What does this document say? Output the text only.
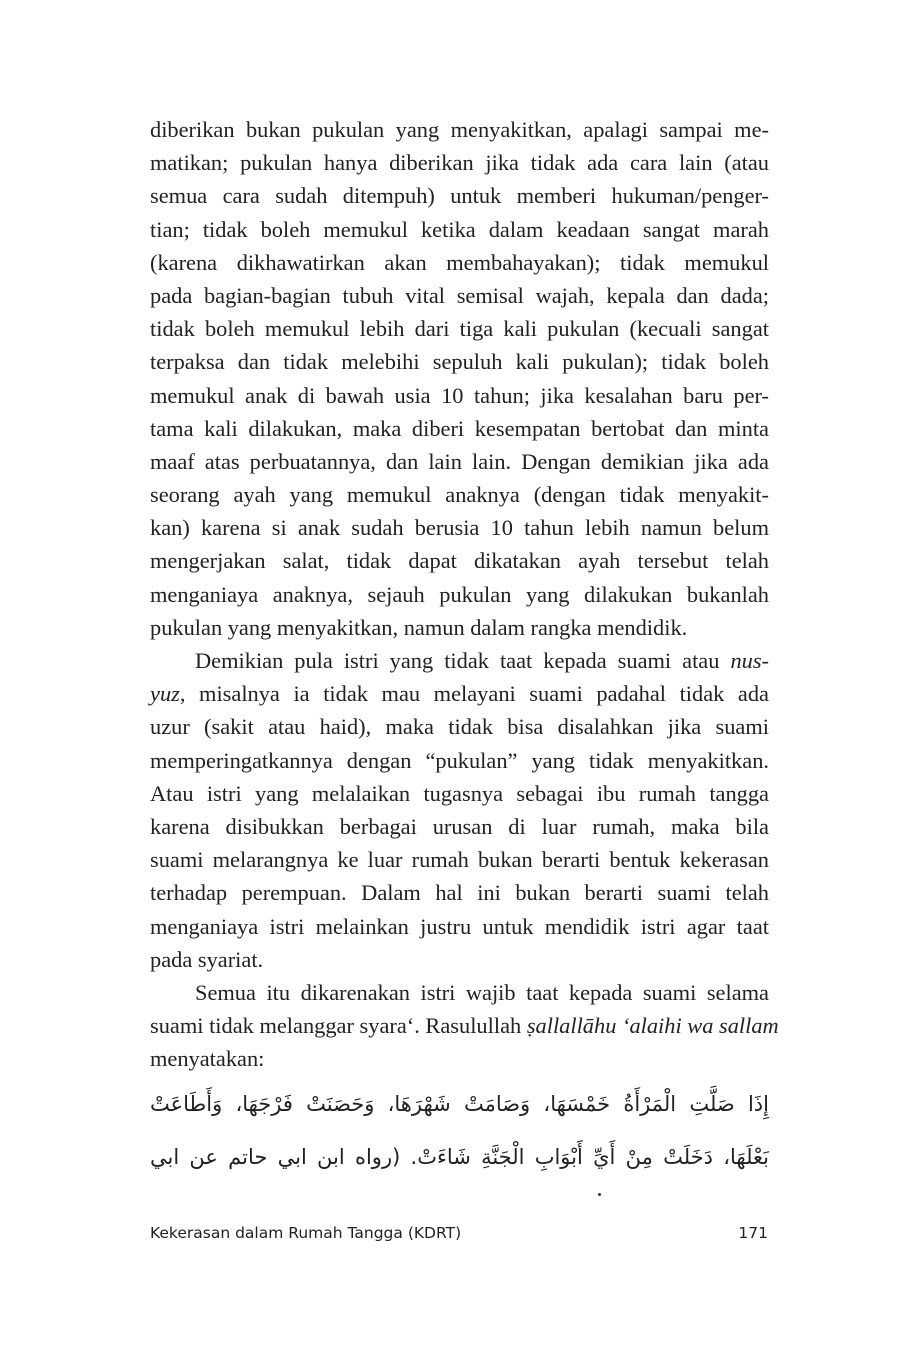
diberikan bukan pukulan yang menyakitkan, apalagi sampai me-
matikan; pukulan hanya diberikan jika tidak ada cara lain (atau
semua cara sudah ditempuh) untuk memberi hukuman/penger-
tian; tidak boleh memukul ketika dalam keadaan sangat marah
(karena dikhawatirkan akan membahayakan); tidak memukul
pada bagian-bagian tubuh vital semisal wajah, kepala dan dada;
tidak boleh memukul lebih dari tiga kali pukulan (kecuali sangat
terpaksa dan tidak melebihi sepuluh kali pukulan); tidak boleh
memukul anak di bawah usia 10 tahun; jika kesalahan baru per-
tama kali dilakukan, maka diberi kesempatan bertobat dan minta
maaf atas perbuatannya, dan lain lain. Dengan demikian jika ada
seorang ayah yang memukul anaknya (dengan tidak menyakit-
kan) karena si anak sudah berusia 10 tahun lebih namun belum
mengerjakan salat, tidak dapat dikatakan ayah tersebut telah
menganiaya anaknya, sejauh pukulan yang dilakukan bukanlah
pukulan yang menyakitkan, namun dalam rangka mendidik.
Demikian pula istri yang tidak taat kepada suami atau nus-
yuz, misalnya ia tidak mau melayani suami padahal tidak ada
uzur (sakit atau haid), maka tidak bisa disalahkan jika suami
memperingatkannya dengan “pukulan” yang tidak menyakitkan.
Atau istri yang melalaikan tugasnya sebagai ibu rumah tangga
karena disibukkan berbagai urusan di luar rumah, maka bila
suami melarangnya ke luar rumah bukan berarti bentuk kekerasan
terhadap perempuan. Dalam hal ini bukan berarti suami telah
menganiaya istri melainkan justru untuk mendidik istri agar taat
pada syariat.
Semua itu dikarenakan istri wajib taat kepada suami selama
suami tidak melanggar syara‘. Rasulullah ṣallallāhu ‘alaihi wa sallam
menyatakan:
إِذَا صَلَّتِ الْمَرْأَةُ خَمْسَهَا، وَصَامَتْ شَهْرَهَا، وَحَصَنَتْ فَرْجَهَا، وَأَطَاعَتْ
بَعْلَهَا، دَخَلَتْ مِنْ أَيِّ أَبْوَابِ الْجَنَّةِ شَاءَتْ. (رواه ابن ابي حاتم عن ابي
Kekerasan dalam Rumah Tangga (KDRT)	171
